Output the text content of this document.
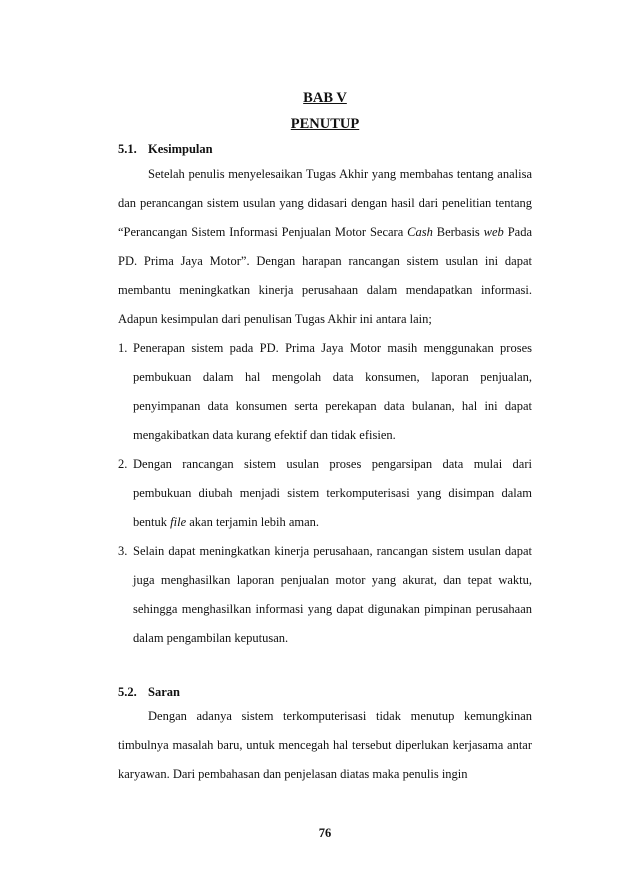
BAB V
PENUTUP
5.1. Kesimpulan

Setelah penulis menyelesaikan Tugas Akhir yang membahas tentang analisa dan perancangan sistem usulan yang didasari dengan hasil dari penelitian tentang “Perancangan Sistem Informasi Penjualan Motor Secara Cash Berbasis web Pada PD. Prima Jaya Motor”. Dengan harapan rancangan sistem usulan ini dapat membantu meningkatkan kinerja perusahaan dalam mendapatkan informasi. Adapun kesimpulan dari penulisan Tugas Akhir ini antara lain;

1. Penerapan sistem pada PD. Prima Jaya Motor masih menggunakan proses pembukuan dalam hal mengolah data konsumen, laporan penjualan, penyimpanan data konsumen serta perekapan data bulanan, hal ini dapat mengakibatkan data kurang efektif dan tidak efisien.
2. Dengan rancangan sistem usulan proses pengarsipan data mulai dari pembukuan diubah menjadi sistem terkomputerisasi yang disimpan dalam bentuk file akan terjamin lebih aman.
3. Selain dapat meningkatkan kinerja perusahaan, rancangan sistem usulan dapat juga menghasilkan laporan penjualan motor yang akurat, dan tepat waktu, sehingga menghasilkan informasi yang dapat digunakan pimpinan perusahaan dalam pengambilan keputusan.
5.2. Saran

Dengan adanya sistem terkomputerisasi tidak menutup kemungkinan timbulnya masalah baru, untuk mencegah hal tersebut diperlukan kerjasama antar karyawan. Dari pembahasan dan penjelasan diatas maka penulis ingin

76
